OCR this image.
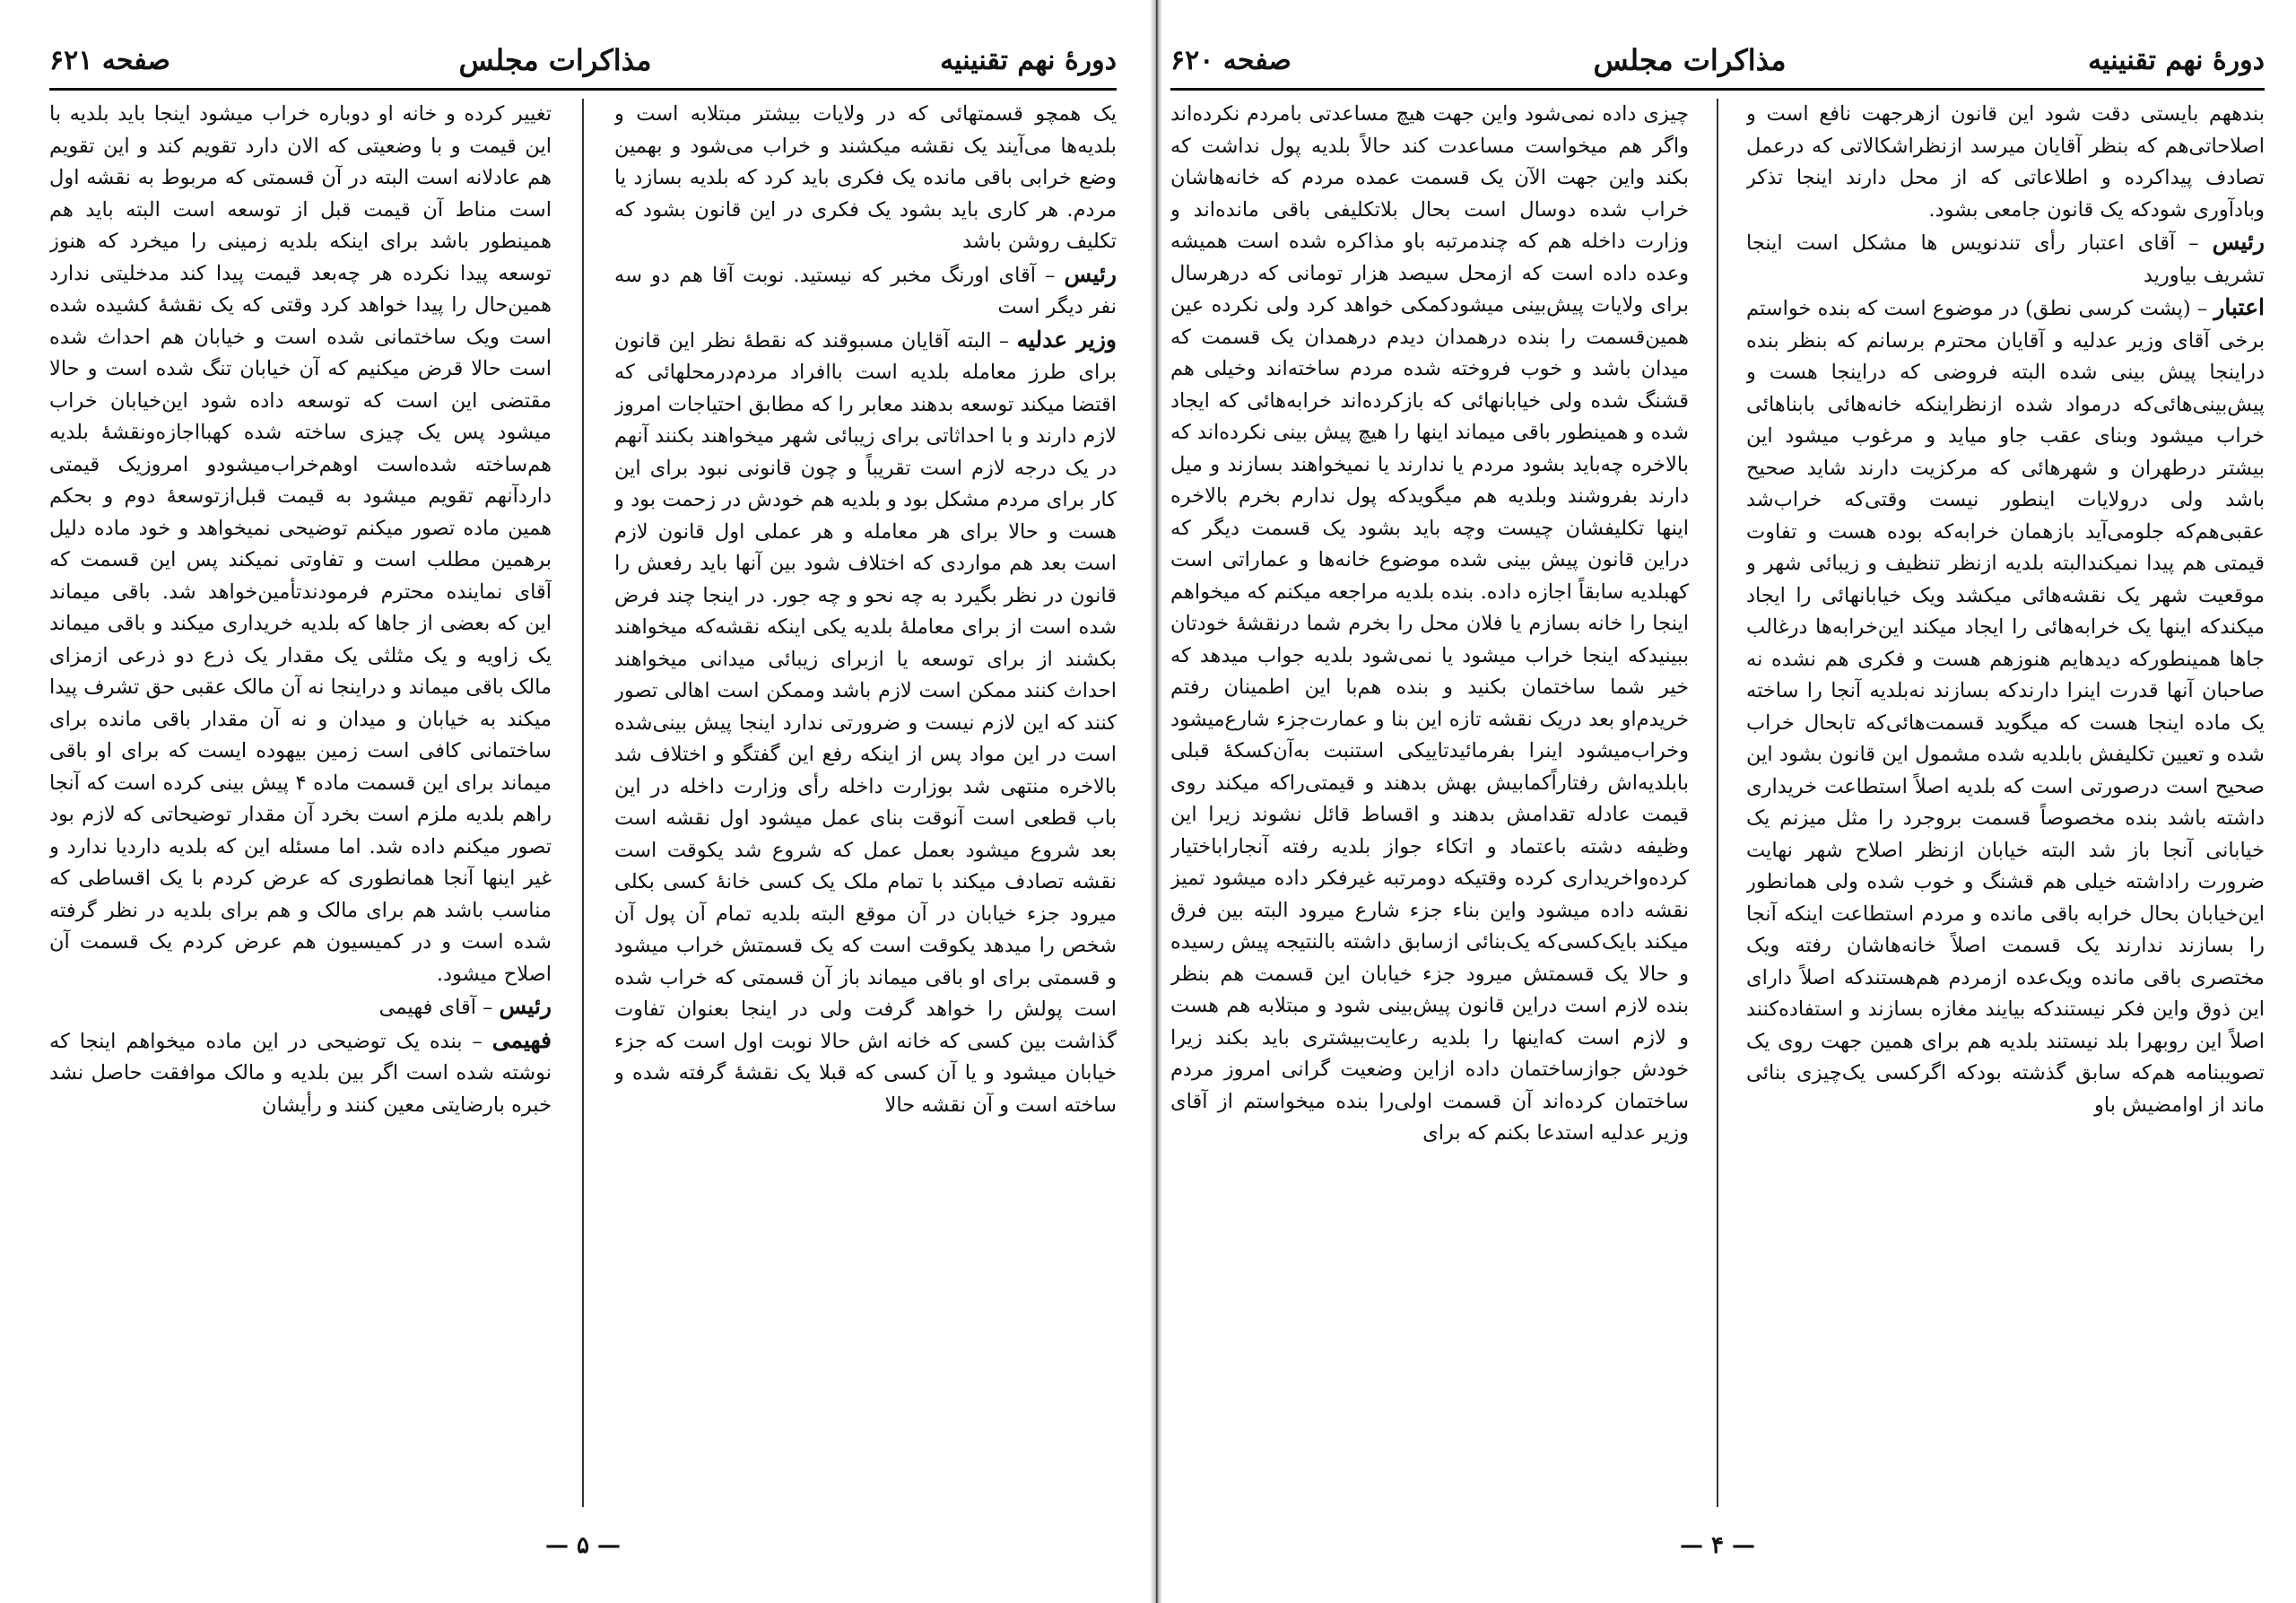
دورۀ نهم تقنینیه
مذاکرات مجلس
صفحه ۶۲۱

یک همچو قسمتهائی که در ولایات بیشتر مبتلابه است و بلدیه‌ها می‌آیند یک نقشه میکشند و خراب می‌شود و بهمین وضع خرابی باقی مانده یک فکری باید کرد که بلدیه بسازد یا مردم. هر کاری باید بشود یک فکری در این قانون بشود که تکلیف روشن باشد

رئیس – آقای اورنگ مخبر که نیستید. نوبت آقا هم دو سه نفر دیگر است

وزیر عدلیه – البته آقایان مسبوقند که نقطهٔ نظر این قانون برای طرز معامله بلدیه است باافراد مردم‌درمحلهائی که اقتضا میکند توسعه بدهند معابر را که مطابق احتیاجات امروز لازم دارند و با احداثاتی برای زیبائی شهر میخواهند بکنند آنهم در یک درجه لازم است تقریباً و چون قانونی نبود برای این کار برای مردم مشکل بود و بلدیه هم خودش در زحمت بود و هست و حالا برای هر معامله و هر عملی اول قانون لازم است بعد هم مواردی که اختلاف شود بین آنها باید رفعش را قانون در نظر بگیرد به چه نحو و چه جور. در اینجا چند فرض شده است از برای معاملهٔ بلدیه یکی اینکه نقشه‌که میخواهند بکشند از برای توسعه یا ازبرای زیبائی میدانی میخواهند احداث کنند ممکن است لازم باشد وممکن است اهالی تصور کنند که این لازم نیست و ضرورتی ندارد اینجا پیش بینی‌شده است در این مواد پس از اینکه رفع این گفتگو و اختلاف شد بالاخره منتهی شد بوزارت داخله رأی وزارت داخله در این باب قطعی است آنوقت بنای عمل میشود اول نقشه است بعد شروع میشود بعمل عمل که شروع شد یکوقت است نقشه تصادف میکند با تمام ملک یک کسی خانهٔ کسی بکلی میرود جزء خیابان در آن موقع البته بلدیه تمام آن پول آن شخص را میدهد یکوقت است که یک قسمتش خراب میشود و قسمتی برای او باقی میماند باز آن قسمتی که خراب شده است پولش را خواهد گرفت ولی در اینجا بعنوان تفاوت گذاشت بین کسی که خانه اش حالا نوبت اول است که جزء خیابان میشود و یا آن کسی که قبلا یک نقشهٔ گرفته شده و ساخته است و آن نقشه حالا

تغییر کرده و خانه او دوباره خراب میشود اینجا باید بلدیه با این قیمت و با وضعیتی که الان دارد تقویم کند و این تقویم هم عادلانه است البته در آن قسمتی که مربوط به نقشه اول است مناط آن قیمت قبل از توسعه است البته باید هم همینطور باشد برای اینکه بلدیه زمینی را میخرد که هنوز توسعه پیدا نکرده هر چه‌بعد قیمت پیدا کند مدخلیتی ندارد همین‌حال را پیدا خواهد کرد وقتی که یک نقشهٔ کشیده شده است ویک ساختمانی شده است و خیابان هم احداث شده است حالا قرض میکنیم که آن خیابان تنگ شده است و حالا مقتضی این است که توسعه داده شود این‌خیابان خراب میشود پس یک چیزی ساخته شده کهبااجازه‌ونقشهٔ بلدیه هم‌ساخته شده‌است اوهم‌خراب‌میشودو امروزیک قیمتی داردآنهم تقویم میشود به قیمت قبل‌ازتوسعهٔ دوم و بحکم همین ماده تصور میکنم توضیحی نمیخواهد و خود ماده دلیل برهمین مطلب است و تفاوتی نمیکند پس این قسمت که آقای نماینده محترم فرمودندتأمین‌خواهد شد. باقی میماند این که بعضی از جاها که بلدیه خریداری میکند و باقی میماند یک زاویه و یک مثلثی یک مقدار یک ذرع دو ذرعی ازمزای مالک باقی میماند و دراینجا نه آن مالک عقبی حق تشرف پیدا میکند به خیابان و میدان و نه آن مقدار باقی مانده برای ساختمانی کافی است زمین بیهوده ایست که برای او باقی میماند برای این قسمت ماده ۴ پیش بینی کرده است که آنجا راهم بلدیه ملزم است بخرد آن مقدار توضیحاتی که لازم بود تصور میکنم داده شد. اما مسئله این که بلدیه داردیا ندارد و غیر اینها آنجا همانطوری که عرض کردم با یک اقساطی که مناسب باشد هم برای مالک و هم برای بلدیه در نظر گرفته شده است و در کمیسیون هم عرض کردم یک قسمت آن اصلاح میشود.

رئیس – آقای فهیمی

فهیمی – بنده یک توضیحی در این ماده میخواهم اینجا که نوشته شده است اگر بین بلدیه و مالک موافقت حاصل نشد خبره بارضایتی معین کنند و رأیشان

— ۵ —
دورۀ نهم تقنینیه
مذاکرات مجلس
صفحه ۶۲۰

بندههم بایستی دقت شود این قانون ازهرجهت نافع است و اصلاحاتی‌هم که بنظر آقایان میرسد ازنظراشکالاتی که درعمل تصادف پیداکرده و اطلاعاتی که از محل دارند اینجا تذکر وبادآوری شودکه یک قانون جامعی بشود.

رئیس – آقای اعتبار رأی تندنویس ها مشکل است اینجا تشریف بیاورید

اعتبار – (پشت کرسی نطق) در موضوع است که بنده خواستم برخی آقای وزیر عدلیه و آقایان محترم برسانم که بنظر بنده دراینجا پیش بینی شده البته فروضی که دراینجا هست و پیش‌بینی‌هائی‌که درمواد شده ازنظراینکه خانه‌هائی بابناهائی خراب میشود وبنای عقب جاو میاید و مرغوب میشود این بیشتر درطهران و شهرهائی که مرکزیت دارند شاید صحیح باشد ولی درولایات اینطور نیست وقتی‌که خراب‌شد عقبی‌هم‌که جلومی‌آید بازهمان خرابه‌که بوده هست و تفاوت قیمتی هم پیدا نمیکندالبته بلدیه ازنظر تنظیف و زیبائی شهر و موقعیت شهر یک نقشه‌هائی میکشد ویک خیابانهائی را ایجاد میکندکه اینها یک خرابه‌هائی را ایجاد میکند این‌خرابه‌ها درغالب جاها همینطورکه دیدهایم هنوزهم هست و فکری هم نشده نه صاحبان آنها قدرت اینرا دارندکه بسازند نه‌بلدیه آنجا را ساخته یک ماده اینجا هست که میگوید قسمت‌هائی‌که تابحال خراب شده و تعیین تکلیفش بابلدیه شده مشمول این قانون بشود این صحیح است درصورتی است که بلدیه اصلاً استطاعت خریداری داشته باشد بنده مخصوصاً قسمت بروجرد را مثل میزنم یک خیابانی آنجا باز شد البته خیابان ازنظر اصلاح شهر نهایت ضرورت راداشته خیلی هم قشنگ و خوب شده ولی همانطور این‌خیابان بحال خرابه باقی مانده و مردم استطاعت اینکه آنجا را بسازند ندارند یک قسمت اصلاً خانه‌هاشان رفته ویک مختصری باقی مانده ویک‌عده ازمردم هم‌هستندکه اصلاً دارای این ذوق واین فکر نیستندکه بیایند مغازه بسازند و استفاده‌کنند اصلاً این روبهرا بلد نیستند بلدیه هم برای همین جهت روی یک تصویبنامه هم‌که سابق گذشته بودکه اگرکسی یک‌چیزی بنائی ماند از اوامضیش باو

چیزی داده نمی‌شود واین جهت هیچ مساعدتی بامردم نکرده‌اند واگر هم میخواست مساعدت کند حالاً بلدیه پول نداشت که بکند واین جهت الآن یک قسمت عمده مردم که خانه‌هاشان خراب شده دوسال است بحال بلاتکلیفی باقی مانده‌اند و وزارت داخله هم که چندمرتبه باو مذاکره شده است همیشه وعده داده است که ازمحل سیصد هزار تومانی که درهرسال برای ولایات پیش‌بینی میشودکمکی خواهد کرد ولی نکرده عین همین‌قسمت را بنده درهمدان دیدم درهمدان یک قسمت که میدان باشد و خوب فروخته شده مردم ساخته‌اند وخیلی هم قشنگ شده ولی خیابانهائی که بازکرده‌اند خرابه‌هائی که ایجاد شده و همینطور باقی میماند اینها را هیچ پیش بینی نکرده‌اند که بالاخره چه‌باید بشود مردم یا ندارند یا نمیخواهند بسازند و میل دارند بفروشند وبلدیه هم میگویدکه پول ندارم بخرم بالاخره اینها تکلیفشان چیست وچه باید بشود یک قسمت دیگر که دراین قانون پیش بینی شده موضوع خانه‌ها و عماراتی است کهبلدیه سابقاً اجازه داده. بنده بلدیه مراجعه میکنم که میخواهم اینجا را خانه بسازم یا فلان محل را بخرم شما درنقشهٔ خودتان ببینیدکه اینجا خراب میشود یا نمی‌شود بلدیه جواب میدهد که خیر شما ساختمان بکنید و بنده هم‌با این اطمینان رفتم خریدم‌او بعد دریک نقشه تازه این بنا و عمارت‌جزء شارع‌میشود وخراب‌میشود اینرا بفرمائیدتاییکی استنبت به‌آن‌کسکهٔ قبلی بابلدیه‌اش رفتاراً‌کمابیش بهش بدهند و قیمتی‌راکه میکند روی قیمت عادله تقدامش بدهند و اقساط قائل نشوند زیرا این وظیفه دشته باعتماد و اتکاء جواز بلدیه رفته آنجاراباختیار کرده‌واخریداری کرده وقتیکه دومرتبه غیرفکر داده میشود تمیز نقشه داده میشود واین بناء جزء شارع میرود البته بین فرق میکند بایک‌کسی‌که یک‌بنائی ازسابق داشته بالنتیجه پیش رسیده و حالا یک قسمتش میرود جزء خیابان این قسمت هم بنظر بنده لازم است دراین قانون پیش‌بینی شود و مبتلابه هم هست و لازم است که‌اینها را بلدیه رعایت‌بیشتری باید بکند زیرا خودش جوازساختمان داده ازاین وضعیت گرانی امروز مردم ساختمان کرده‌اند آن قسمت اولی‌را بنده میخواستم از آقای وزیر عدلیه استدعا بکنم که برای

— ۴ —
